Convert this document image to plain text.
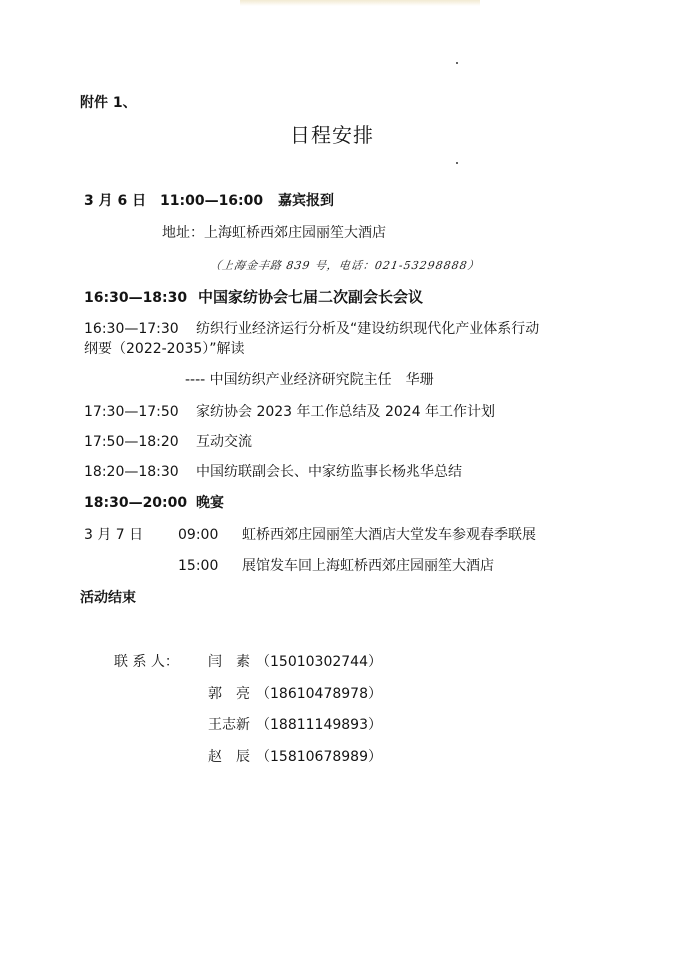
附件 1、
日程安排
3 月 6 日 11:00—16:00 嘉宾报到
地址：上海虹桥西郊庄园丽笙大酒店
（上海金丰路 839 号，电话：021-53298888）
16:30—18:30 中国家纺协会七届二次副会长会议
16:30—17:30 纺织行业经济运行分析及“建设纺织现代化产业体系行动
纲要（2022-2035）”解读
---- 中国纺织产业经济研究院主任　华珊
17:30—17:50 家纺协会 2023 年工作总结及 2024 年工作计划
17:50—18:20 互动交流
18:20—18:30 中国纺联副会长、中家纺监事长杨兆华总结
18:30—20:00 晚宴
3 月 7 日 09:00 虹桥西郊庄园丽笙大酒店大堂发车参观春季联展
15:00 展馆发车回上海虹桥西郊庄园丽笙大酒店
活动结束
联 系 人： 闫　素 （15010302744）
郭　亮 （18610478978）
王志新 （18811149893）
赵　辰 （15810678989）
